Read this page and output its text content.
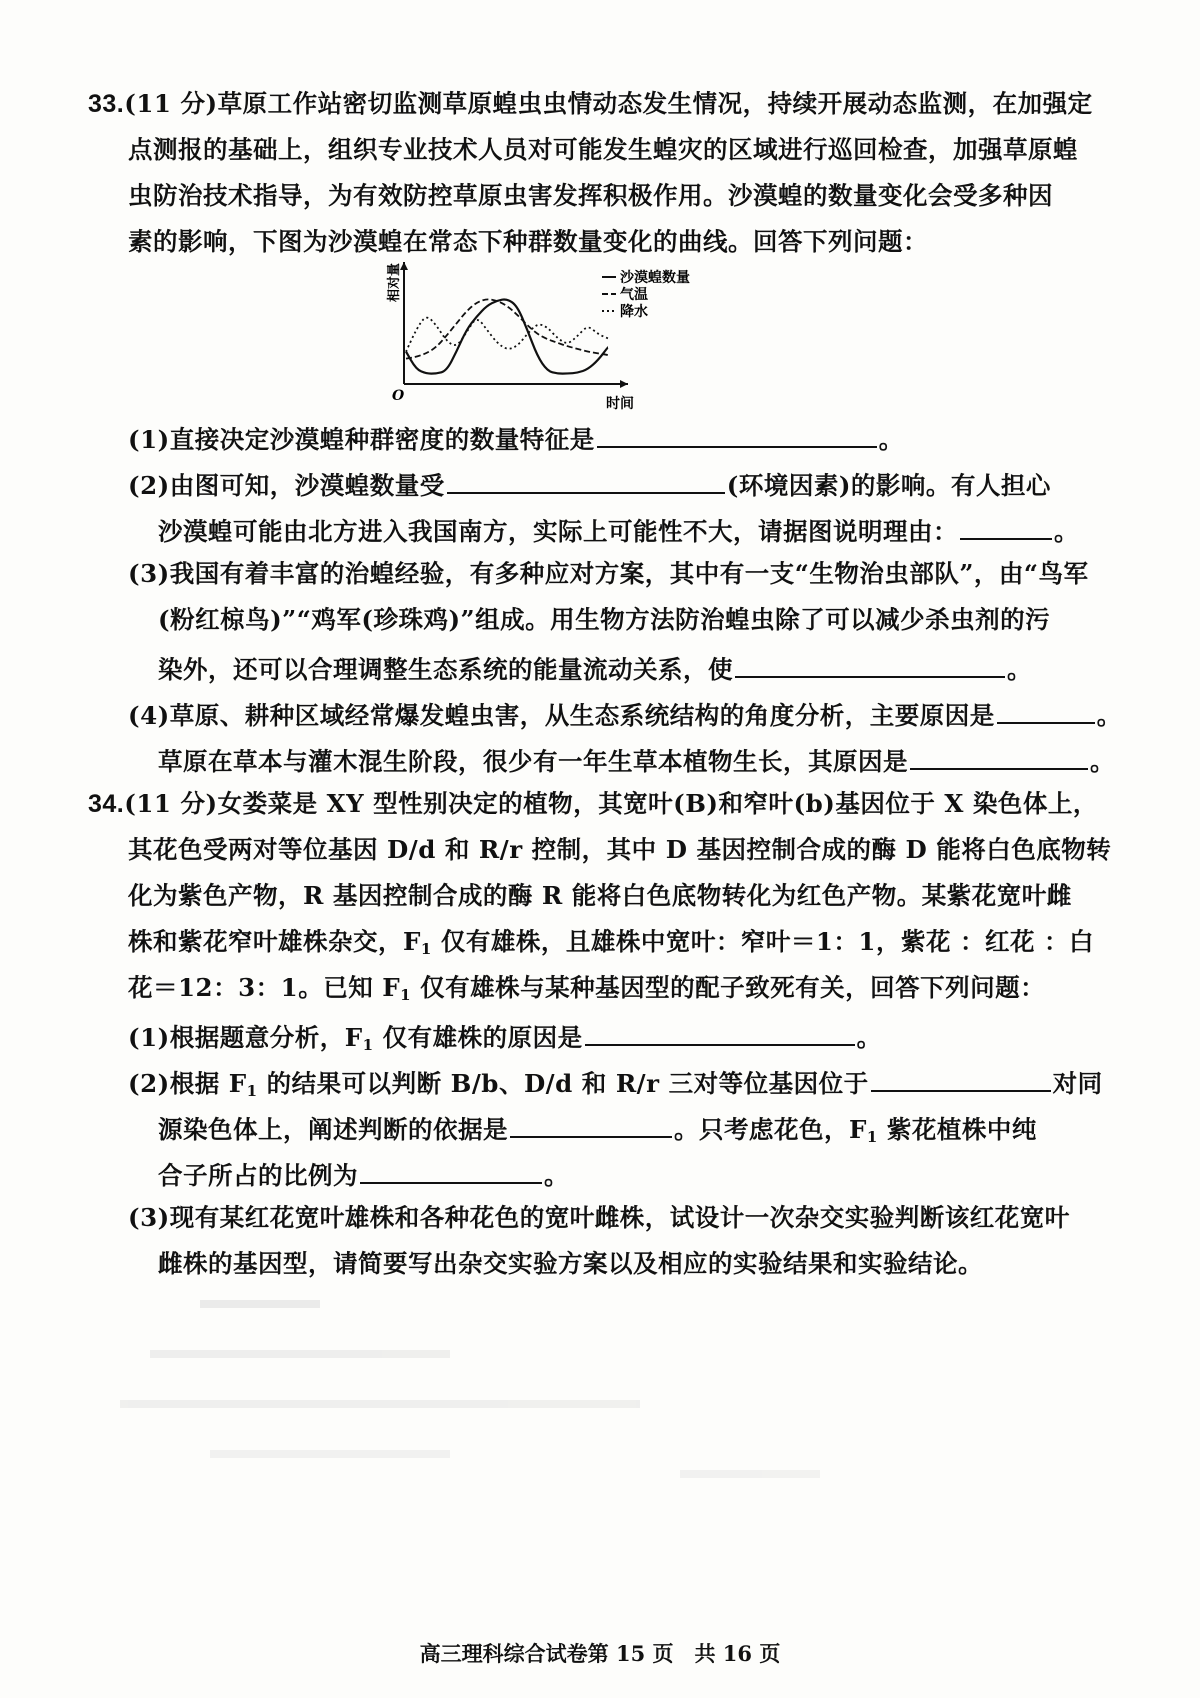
33.(11 分)草原工作站密切监测草原蝗虫虫情动态发生情况，持续开展动态监测，在加强定
点测报的基础上，组织专业技术人员对可能发生蝗灾的区域进行巡回检查，加强草原蝗
虫防治技术指导，为有效防控草原虫害发挥积极作用。沙漠蝗的数量变化会受多种因
素的影响，下图为沙漠蝗在常态下种群数量变化的曲线。回答下列问题：
相对量
时间
O
沙漠蝗数量
气温
降水
(1)直接决定沙漠蝗种群密度的数量特征是	。
(2)由图可知，沙漠蝗数量受	(环境因素)的影响。有人担心
沙漠蝗可能由北方进入我国南方，实际上可能性不大，请据图说明理由：	。
(3)我国有着丰富的治蝗经验，有多种应对方案，其中有一支“生物治虫部队”，由“鸟军
(粉红椋鸟)”“鸡军(珍珠鸡)”组成。用生物方法防治蝗虫除了可以减少杀虫剂的污
染外，还可以合理调整生态系统的能量流动关系，使	。
(4)草原、耕种区域经常爆发蝗虫害，从生态系统结构的角度分析，主要原因是	。
草原在草本与灌木混生阶段，很少有一年生草本植物生长，其原因是	。
34.(11 分)女娄菜是 XY 型性别决定的植物，其宽叶(B)和窄叶(b)基因位于 X 染色体上，
其花色受两对等位基因 D/d 和 R/r 控制，其中 D 基因控制合成的酶 D 能将白色底物转
化为紫色产物，R 基因控制合成的酶 R 能将白色底物转化为红色产物。某紫花宽叶雌
株和紫花窄叶雄株杂交，$F_1$ 仅有雄株，且雄株中宽叶：窄叶＝1：1，紫花 ：红花 ：白
花＝12：3：1。已知 $F_1$ 仅有雄株与某种基因型的配子致死有关，回答下列问题：
(1)根据题意分析，$F_1$ 仅有雄株的原因是	。
(2)根据 $F_1$ 的结果可以判断 B/b、D/d 和 R/r 三对等位基因位于	对同
源染色体上，阐述判断的依据是	。只考虑花色，$F_1$ 紫花植株中纯
合子所占的比例为	。
(3)现有某红花宽叶雄株和各种花色的宽叶雌株，试设计一次杂交实验判断该红花宽叶
雌株的基因型，请简要写出杂交实验方案以及相应的实验结果和实验结论。
高三理科综合试卷第 15 页　共 16 页
